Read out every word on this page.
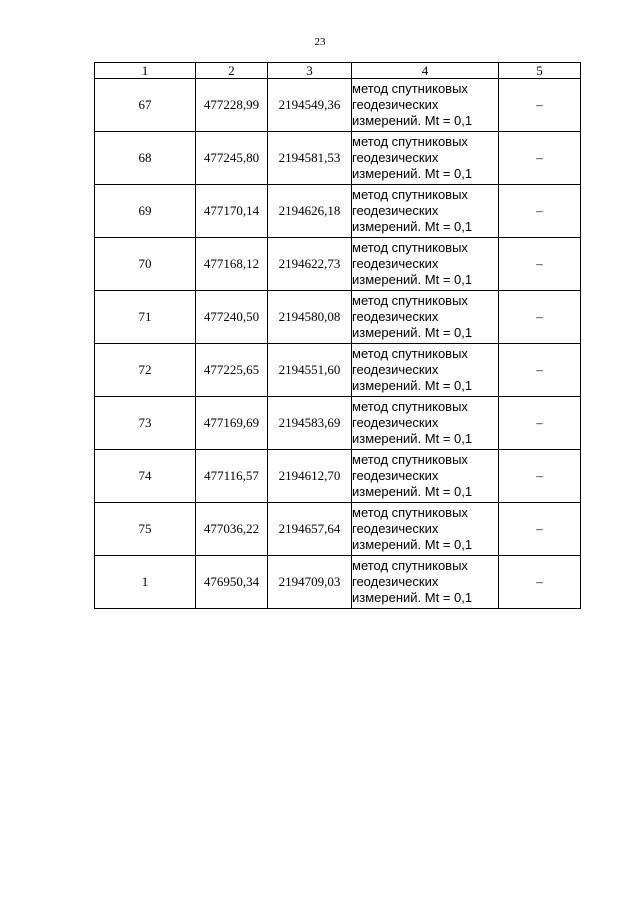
23
1	2	3	4	5
67	477228,99	2194549,36	метод спутниковых
геодезических
измерений. Mt = 0,1	–
68	477245,80	2194581,53	метод спутниковых
геодезических
измерений. Mt = 0,1	–
69	477170,14	2194626,18	метод спутниковых
геодезических
измерений. Mt = 0,1	–
70	477168,12	2194622,73	метод спутниковых
геодезических
измерений. Mt = 0,1	–
71	477240,50	2194580,08	метод спутниковых
геодезических
измерений. Mt = 0,1	–
72	477225,65	2194551,60	метод спутниковых
геодезических
измерений. Mt = 0,1	–
73	477169,69	2194583,69	метод спутниковых
геодезических
измерений. Mt = 0,1	–
74	477116,57	2194612,70	метод спутниковых
геодезических
измерений. Mt = 0,1	–
75	477036,22	2194657,64	метод спутниковых
геодезических
измерений. Mt = 0,1	–
1	476950,34	2194709,03	метод спутниковых
геодезических
измерений. Mt = 0,1	–
